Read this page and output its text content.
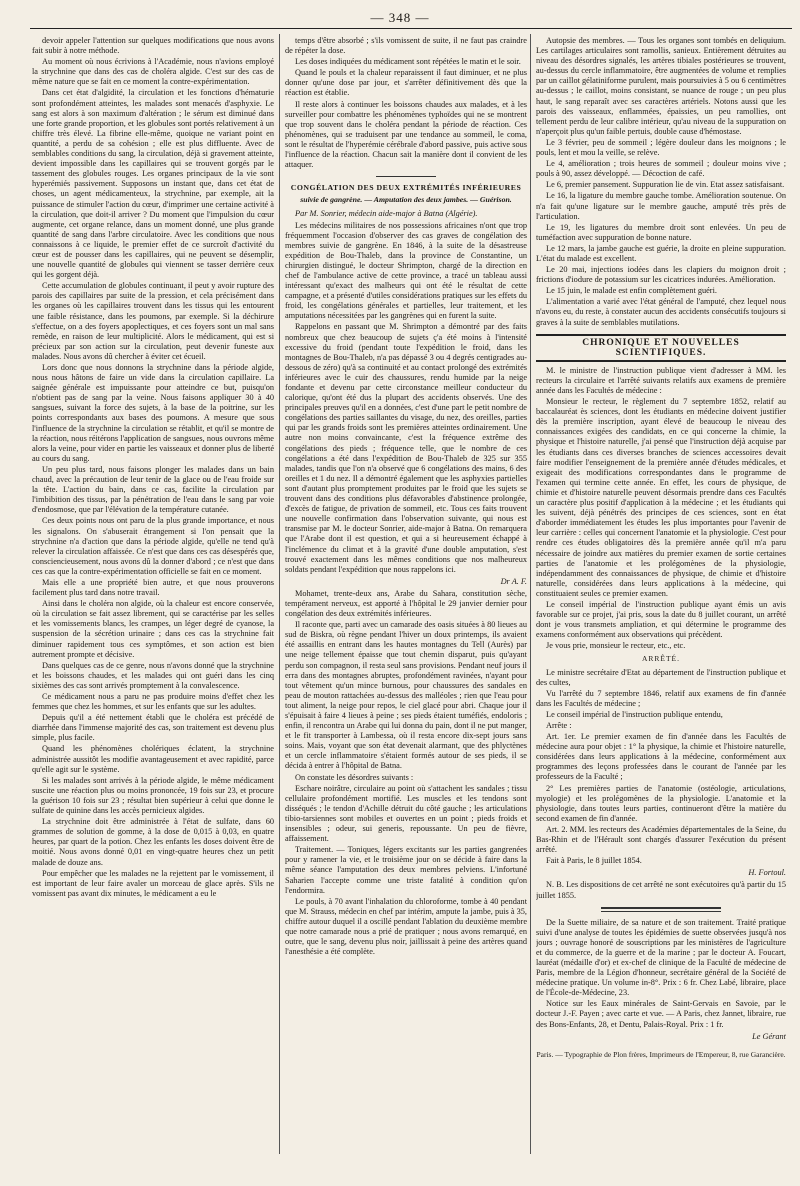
— 348 —

devoir appeler l'attention sur quelques modifications que nous avons fait subir à notre méthode.

Au moment où nous écrivions à l'Académie, nous n'avions employé la strychnine que dans des cas de choléra algide. C'est sur des cas de même nature que se fait en ce moment la contre-expérimentation.

Dans cet état d'algidité, la circulation et les fonctions d'hématurie sont profondément atteintes, les malades sont menacés d'asphyxie. Le sang est alors à son maximum d'altération ; le sérum est diminué dans une forte grande proportion, et les globules sont portés relativement à un chiffre très élevé. La fibrine elle-même, quoique ne variant point en quantité, a perdu de sa cohésion ; elle est plus diffluente. Avec de semblables conditions du sang, la circulation, déjà si gravement atteinte, devient impossible dans les capillaires qui se trouvent gorgés par le tassement des globules rouges. Les organes principaux de la vie sont hyperémiés passivement. Supposons un instant que, dans cet état de choses, un agent médicamenteux, la strychnine, par exemple, ait la puissance de stimuler l'action du cœur, d'imprimer une certaine activité à la circulation, que doit-il arriver ? Du moment que l'impulsion du cœur augmente, cet organe relance, dans un moment donné, une plus grande quantité de sang dans l'arbre circulatoire. Avec les conditions que nous connaissons à ce liquide, le premier effet de ce surcroît d'activité du cœur est de pousser dans les capillaires, qui ne peuvent se désemplir, une nouvelle quantité de globules qui viennent se tasser derrière ceux qui les gorgent déjà.

Cette accumulation de globules continuant, il peut y avoir rupture des parois des capillaires par suite de la pression, et cela précisément dans les organes où les capillaires trouvent dans les tissus qui les entourent une faible résistance, dans les poumons, par exemple. Si la déchirure s'effectue, on a des foyers apoplectiques, et ces foyers sont un mal sans remède, en raison de leur multiplicité. Alors le médicament, qui est si précieux par son action sur la circulation, peut devenir funeste aux malades. Nous avons dû chercher à éviter cet écueil.

Lors donc que nous donnons la strychnine dans la période algide, nous nous hâtons de faire un vide dans la circulation capillaire. La saignée générale est impuissante pour atteindre ce but, puisqu'on n'obtient pas de sang par la veine. Nous faisons appliquer 30 à 40 sangsues, suivant la force des sujets, à la base de la poitrine, sur les points correspondants aux bases des poumons. A mesure que sous l'influence de la strychnine la circulation se rétablit, et qu'il se montre de la réaction, nous réitérons l'application de sangsues, nous ouvrons même alors la veine, pour vider en partie les vaisseaux et donner plus de liberté au cours du sang.

Un peu plus tard, nous faisons plonger les malades dans un bain chaud, avec la précaution de leur tenir de la glace ou de l'eau froide sur la tête. L'action du bain, dans ce cas, facilite la circulation par l'imbibition des tissus, par la pénétration de l'eau dans le sang par voie d'endosmose, que par l'élévation de la température cutanée.

Ces deux points nous ont paru de la plus grande importance, et nous les signalons. On s'abuserait étrangement si l'on pensait que la strychnine n'a d'action que dans la période algide, qu'elle ne tend qu'à relever la circulation affaissée. Ce n'est que dans ces cas désespérés que, consciencieusement, nous avons dû la donner d'abord ; ce n'est que dans ces cas que la contre-expérimentation officielle se fait en ce moment.

Mais elle a une propriété bien autre, et que nous prouverons facilement plus tard dans notre travail.

Ainsi dans le choléra non algide, où la chaleur est encore conservée, où la circulation se fait assez librement, qui se caractérise par les selles et les vomissements blancs, les crampes, un léger degré de cyanose, la suspension de la sécrétion urinaire ; dans ces cas la strychnine fait diminuer rapidement tous ces symptômes, et son action est bien autrement prompte et décisive.

Dans quelques cas de ce genre, nous n'avons donné que la strychnine et les boissons chaudes, et les malades qui ont guéri dans les cinq sixièmes des cas sont arrivés promptement à la convalescence.

Ce médicament nous a paru ne pas produire moins d'effet chez les femmes que chez les hommes, et sur les enfants que sur les adultes.

Depuis qu'il a été nettement établi que le choléra est précédé de diarrhée dans l'immense majorité des cas, son traitement est devenu plus simple, plus facile.

Quand les phénomènes cholériques éclatent, la strychnine administrée aussitôt les modifie avantageusement et avec rapidité, parce qu'elle agit sur le système.

Si les malades sont arrivés à la période algide, le même médicament suscite une réaction plus ou moins prononcée, 19 fois sur 23, et procure la guérison 10 fois sur 23 ; résultat bien supérieur à celui que donne le sulfate de quinine dans les accès pernicieux algides.

La strychnine doit être administrée à l'état de sulfate, dans 60 grammes de solution de gomme, à la dose de 0,015 à 0,03, en quatre heures, par quart de la potion. Chez les enfants les doses doivent être de moitié. Nous avons donné 0,01 en vingt-quatre heures chez un petit malade de douze ans.

Pour empêcher que les malades ne la rejettent par le vomissement, il est important de leur faire avaler un morceau de glace après. S'ils ne vomissent pas avant dix minutes, le médicament a eu le

temps d'être absorbé ; s'ils vomissent de suite, il ne faut pas craindre de répéter la dose.

Les doses indiquées du médicament sont répétées le matin et le soir.

Quand le pouls et la chaleur reparaissent il faut diminuer, et ne plus donner qu'une dose par jour, et s'arrêter définitivement dès que la réaction est établie.

Il reste alors à continuer les boissons chaudes aux malades, et à les surveiller pour combattre les phénomènes typhoïdes qui ne se montrent que trop souvent dans le choléra pendant la période de réaction. Ces phénomènes, qui se traduisent par une tendance au sommeil, le coma, sont le résultat de l'hyperémie cérébrale d'abord passive, puis active sous l'influence de la réaction. Chacun sait la manière dont il convient de les attaquer.

CONGÉLATION DES DEUX EXTRÉMITÉS INFÉRIEURES
suivie de gangrène. — Amputation des deux jambes. — Guérison.

Par M. Sonrier, médecin aide-major à Batna (Algérie).

Les médecins militaires de nos possessions africaines n'ont que trop fréquemment l'occasion d'observer des cas graves de congélation des membres suivie de gangrène. En 1846, à la suite de la désastreuse expédition de Bou-Thaleb, dans la province de Constantine, un chirurgien distingué, le docteur Shrimpton, chargé de la direction en chef de l'ambulance active de cette province, a tracé un tableau aussi intéressant qu'exact des malheurs qui ont été le résultat de cette campagne, et a présenté d'utiles considérations pratiques sur les effets du froid, les congélations générales et partielles, leur traitement, et les amputations nécessitées par les gangrènes qui en furent la suite.

Rappelons en passant que M. Shrimpton a démontré par des faits nombreux que chez beaucoup de sujets ç'a été moins à l'intensité excessive du froid (pendant toute l'expédition le froid, dans les montagnes de Bou-Thaleb, n'a pas dépassé 3 ou 4 degrés centigrades au-dessous de zéro) qu'à sa continuité et au contact prolongé des extrémités inférieures avec le cuir des chaussures, rendu humide par la neige fondante et devenu par cette circonstance meilleur conducteur du calorique, qu'ont été dus la plupart des accidents observés. Une des principales preuves qu'il en a données, c'est d'une part le petit nombre de congélations des parties saillantes du visage, du nez, des oreilles, parties qui par les grands froids sont les premières atteintes ordinairement. Une autre non moins convaincante, c'est la fréquence extrême des congélations des pieds ; fréquence telle, que le nombre de ces congélations a été dans l'expédition de Bou-Thaleb de 325 sur 355 malades, tandis que l'on n'a observé que 6 congélations des mains, 6 des oreilles et 1 du nez. Il a démontré également que les asphyxies partielles sont d'autant plus promptement produites par le froid que les sujets se trouvent dans des conditions plus défavorables d'abstinence prolongée, d'excès de fatigue, de privation de sommeil, etc. Tous ces faits trouvent une nouvelle confirmation dans l'observation suivante, qui nous est transmise par M. le docteur Sonrier, aide-major à Batna. On remarquera que l'Arabe dont il est question, et qui a si heureusement échappé à l'inclémence du climat et à la gravité d'une double amputation, s'est trouvé exactement dans les mêmes conditions que nos malheureux soldats pendant l'expédition que nous rappelons ici.

Dr A. F.

Mohamet, trente-deux ans, Arabe du Sahara, constitution sèche, tempérament nerveux, est apporté à l'hôpital le 29 janvier dernier pour congélation des deux extrémités inférieures.

Il raconte que, parti avec un camarade des oasis situées à 80 lieues au sud de Biskra, où règne pendant l'hiver un doux printemps, ils avaient été assaillis en entrant dans les hautes montagnes du Tell (Aurès) par une neige tellement épaisse que tout chemin disparut, puis qu'ayant perdu son compagnon, il resta seul sans provisions. Pendant neuf jours il erra dans des montagnes abruptes, profondément ravinées, n'ayant pour tout vêtement qu'un mince burnous, pour chaussures des sandales en peau de mouton rattachées au-dessus des malléoles ; rien que l'eau pour tout aliment, la neige pour repos, le ciel glacé pour abri. Chaque jour il s'épuisait à faire 4 lieues à peine ; ses pieds étaient tuméfiés, endoloris ; enfin, il rencontra un Arabe qui lui donna du pain, dont il ne put manger, et le fit transporter à Lambessa, où il resta encore dix-sept jours sans soins. Mais, voyant que son état devenait alarmant, que des phlyctènes et un cercle inflammatoire s'étaient formés autour de ses pieds, il se décida à entrer à l'hôpital de Batna.

On constate les désordres suivants :

Eschare noirâtre, circulaire au point où s'attachent les sandales ; tissu cellulaire profondément mortifié. Les muscles et les tendons sont disséqués ; le tendon d'Achille détruit du côté gauche ; les articulations tibio-tarsiennes sont mobiles et ouvertes en un point ; pieds froids et insensibles ; odeur, sui generis, repoussante. Un peu de fièvre, affaissement.

Traitement. — Toniques, légers excitants sur les parties gangrenées pour y ramener la vie, et le troisième jour on se décide à faire dans la même séance l'amputation des deux membres pelviens. L'infortuné Saharien l'accepte comme une triste fatalité à condition qu'on l'endormira.

Le pouls, à 70 avant l'inhalation du chloroforme, tombe à 40 pendant que M. Strauss, médecin en chef par intérim, ampute la jambe, puis à 35, chiffre autour duquel il a oscillé pendant l'ablation du deuxième membre que notre camarade nous a prié de pratiquer ; nous avons remarqué, en outre, que le sang, devenu plus noir, jaillissait à peine des artères quand l'anesthésie a été complète.

Autopsie des membres. — Tous les organes sont tombés en deliquium. Les cartilages articulaires sont ramollis, sanieux. Entièrement détruites au niveau des désordres signalés, les artères tibiales postérieures se trouvent, au-dessus du cercle inflammatoire, être augmentées de volume et remplies par un caillot gélatiniforme purulent, mais poursuivies à 5 ou 6 centimètres au-dessus ; le caillot, moins consistant, se nuance de rouge ; un peu plus haut, le sang reparaît avec ses caractères artériels. Notons aussi que les parois des vaisseaux, enflammées, épaissies, un peu ramollies, ont tellement perdu de leur calibre intérieur, qu'au niveau de la suppuration on n'aperçoit plus qu'un faible pertuis, double cause d'hémostase.

Le 3 février, peu de sommeil ; légère douleur dans les moignons ; le pouls, lent et mou la veille, se relève.

Le 4, amélioration ; trois heures de sommeil ; douleur moins vive ; pouls à 90, assez développé. — Décoction de café.

Le 6, premier pansement. Suppuration lie de vin. Etat assez satisfaisant.

Le 16, la ligature du membre gauche tombe. Amélioration soutenue. On n'a fait qu'une ligature sur le membre gauche, amputé très près de l'articulation.

Le 19, les ligatures du membre droit sont enlevées. Un peu de tuméfaction avec suppuration de bonne nature.

Le 12 mars, la jambe gauche est guérie, la droite en pleine suppuration. L'état du malade est excellent.

Le 20 mai, injections iodées dans les clapiers du moignon droit ; frictions d'iodure de potassium sur les cicatrices indurées. Amélioration.

Le 15 juin, le malade est enfin complètement guéri.

L'alimentation a varié avec l'état général de l'amputé, chez lequel nous n'avons eu, du reste, à constater aucun des accidents consécutifs toujours si graves à la suite de semblables mutilations.

CHRONIQUE ET NOUVELLES SCIENTIFIQUES.

M. le ministre de l'instruction publique vient d'adresser à MM. les recteurs la circulaire et l'arrêté suivants relatifs aux examens de première année dans les Facultés de médecine :

Monsieur le recteur, le règlement du 7 septembre 1852, relatif au baccalauréat ès sciences, dont les étudiants en médecine doivent justifier dès la première inscription, ayant élevé de beaucoup le niveau des connaissances exigées des candidats, en ce qui concerne la chimie, la physique et l'histoire naturelle, j'ai pensé que l'instruction déjà acquise par les étudiants dans ces diverses branches de sciences accessoires devait faire modifier l'enseignement de la première année d'études médicales, et exigeait des modifications correspondantes dans le programme de l'examen qui termine cette année. En effet, les cours de physique, de chimie et d'histoire naturelle peuvent désormais prendre dans ces Facultés un caractère plus positif d'application à la médecine ; et les étudiants qui les suivent, déjà pénétrés des principes de ces sciences, sont en état d'aborder immédiatement les études les plus importantes pour l'avenir de leur carrière : celles qui concernent l'anatomie et la physiologie. C'est pour rendre ces études obligatoires dès la première année qu'il m'a paru nécessaire de joindre aux matières du premier examen de sortie certaines parties de l'anatomie et les prolégomènes de la physiologie, indépendamment des connaissances de physique, de chimie et d'histoire naturelle, considérées dans leurs applications à la médecine, qui constituaient seules ce premier examen.

Le conseil impérial de l'instruction publique ayant émis un avis favorable sur ce projet, j'ai pris, sous la date du 8 juillet courant, un arrêté dont je vous transmets ampliation, et qui détermine le programme des examens conformément aux observations qui précèdent.

Je vous prie, monsieur le recteur, etc., etc.

ARRÊTÉ.

Le ministre secrétaire d'Etat au département de l'instruction publique et des cultes,

Vu l'arrêté du 7 septembre 1846, relatif aux examens de fin d'année dans les Facultés de médecine ;

Le conseil impérial de l'instruction publique entendu,

Arrête :

Art. 1er. Le premier examen de fin d'année dans les Facultés de médecine aura pour objet : 1° la physique, la chimie et l'histoire naturelle, considérées dans leurs applications à la médecine, conformément aux programmes des leçons professées dans le courant de l'année par les professeurs de la Faculté ;

2° Les premières parties de l'anatomie (ostéologie, articulations, myologie) et les prolégomènes de la physiologie. L'anatomie et la physiologie, dans toutes leurs parties, continueront d'être la matière du second examen de fin d'année.

Art. 2. MM. les recteurs des Académies départementales de la Seine, du Bas-Rhin et de l'Hérault sont chargés d'assurer l'exécution du présent arrêté.

Fait à Paris, le 8 juillet 1854.

H. Fortoul.

N. B. Les dispositions de cet arrêté ne sont exécutoires qu'à partir du 15 juillet 1855.

De la Suette miliaire, de sa nature et de son traitement. Traité pratique suivi d'une analyse de toutes les épidémies de suette observées jusqu'à nos jours ; ouvrage honoré de souscriptions par les ministères de l'agriculture et du commerce, de la guerre et de la marine ; par le docteur A. Foucart, lauréat (médaille d'or) et ex-chef de clinique de la Faculté de médecine de Paris, membre de la Légion d'honneur, secrétaire général de la Société de médecine pratique. Un volume in-8°. Prix : 6 fr. Chez Labé, libraire, place de l'École-de-Médecine, 23.

Notice sur les Eaux minérales de Saint-Gervais en Savoie, par le docteur J.-F. Payen ; avec carte et vue. — A Paris, chez Jannet, libraire, rue des Bons-Enfants, 28, et Dentu, Palais-Royal. Prix : 1 fr.

Le Gérant
Paris. — Typographie de Plon frères, Imprimeurs de l'Empereur, 8, rue Garancière.
